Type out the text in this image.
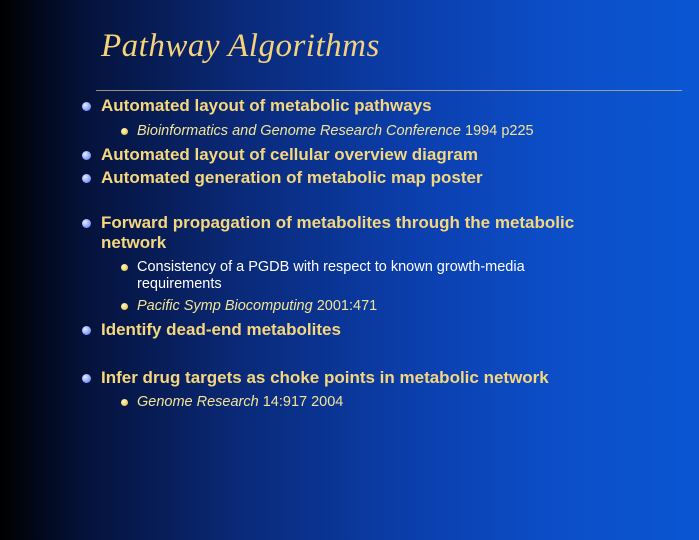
Pathway Algorithms
Automated layout of metabolic pathways
Bioinformatics and Genome Research Conference 1994 p225
Automated layout of cellular overview diagram
Automated generation of metabolic map poster
Forward propagation of metabolites through the metabolic
network
Consistency of a PGDB with respect to known growth-media
requirements
Pacific Symp Biocomputing 2001:471
Identify dead-end metabolites
Infer drug targets as choke points in metabolic network
Genome Research 14:917 2004
